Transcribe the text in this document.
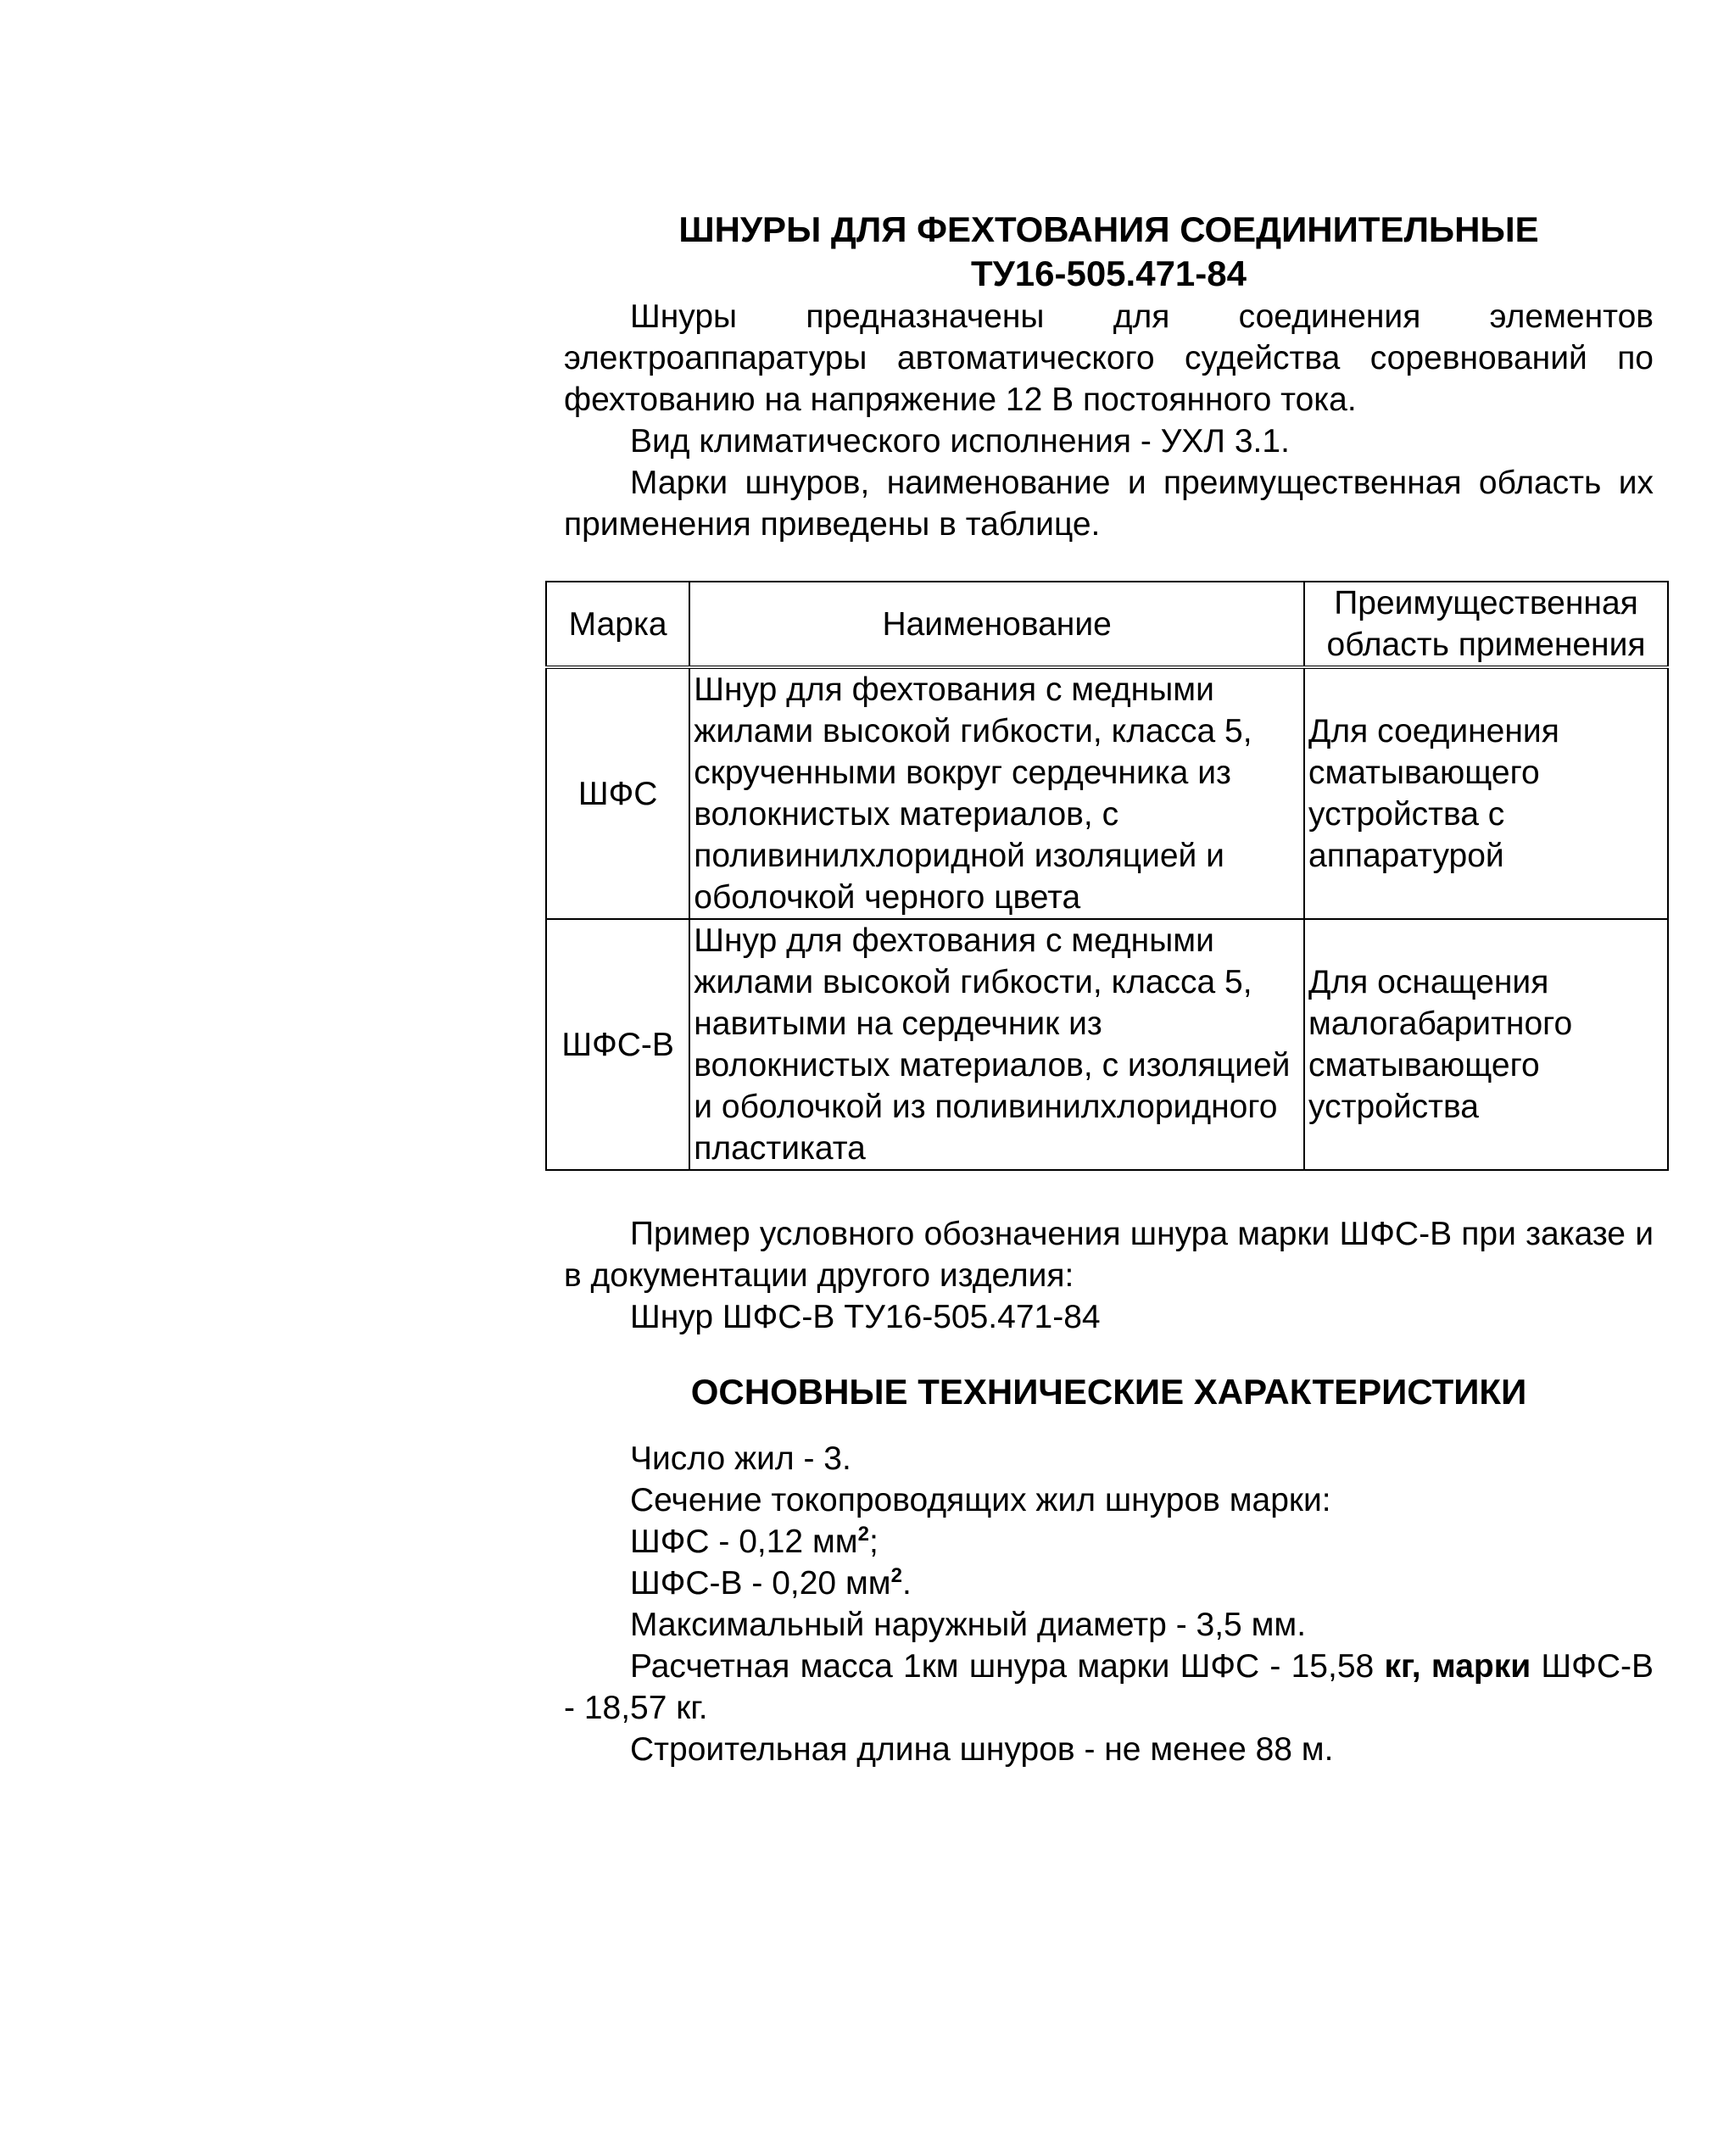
ШНУРЫ ДЛЯ ФЕХТОВАНИЯ СОЕДИНИТЕЛЬНЫЕ
ТУ16-505.471-84

Шнуры предназначены для соединения элементов электроаппаратуры автоматического судейства соревнований по фехтованию на напряжение 12 В постоянного тока.

Вид климатического исполнения - УХЛ 3.1.

Марки шнуров, наименование и преимущественная область их применения приведены в таблице.

Марка	Наименование	Преимущественная область применения
ШФС	Шнур для фехтования с медными жилами высокой гибкости, класса 5, скрученными вокруг сердечника из волокнистых материалов, с поливинилхлоридной изоляцией и оболочкой черного цвета	Для соединения сматывающего устройства с аппаратурой
ШФС-В	Шнур для фехтования с медными жилами высокой гибкости, класса 5, навитыми на сердечник из волокнистых материалов, с изоляцией и оболочкой из поливинилхлоридного пластиката	Для оснащения малогабаритного сматывающего устройства

Пример условного обозначения шнура марки ШФС-В при заказе и в документации другого изделия:

Шнур ШФС-В ТУ16-505.471-84

ОСНОВНЫЕ ТЕХНИЧЕСКИЕ ХАРАКТЕРИСТИКИ

Число жил - 3.

Сечение токопроводящих жил шнуров марки:

ШФС - 0,12 $мм^2$;

ШФС-В - 0,20 $мм^2$.

Максимальный наружный диаметр - 3,5 мм.

Расчетная масса 1км шнура марки ШФС - 15,58 кг, марки ШФС-В - 18,57 кг.

Строительная длина шнуров - не менее 88 м.
